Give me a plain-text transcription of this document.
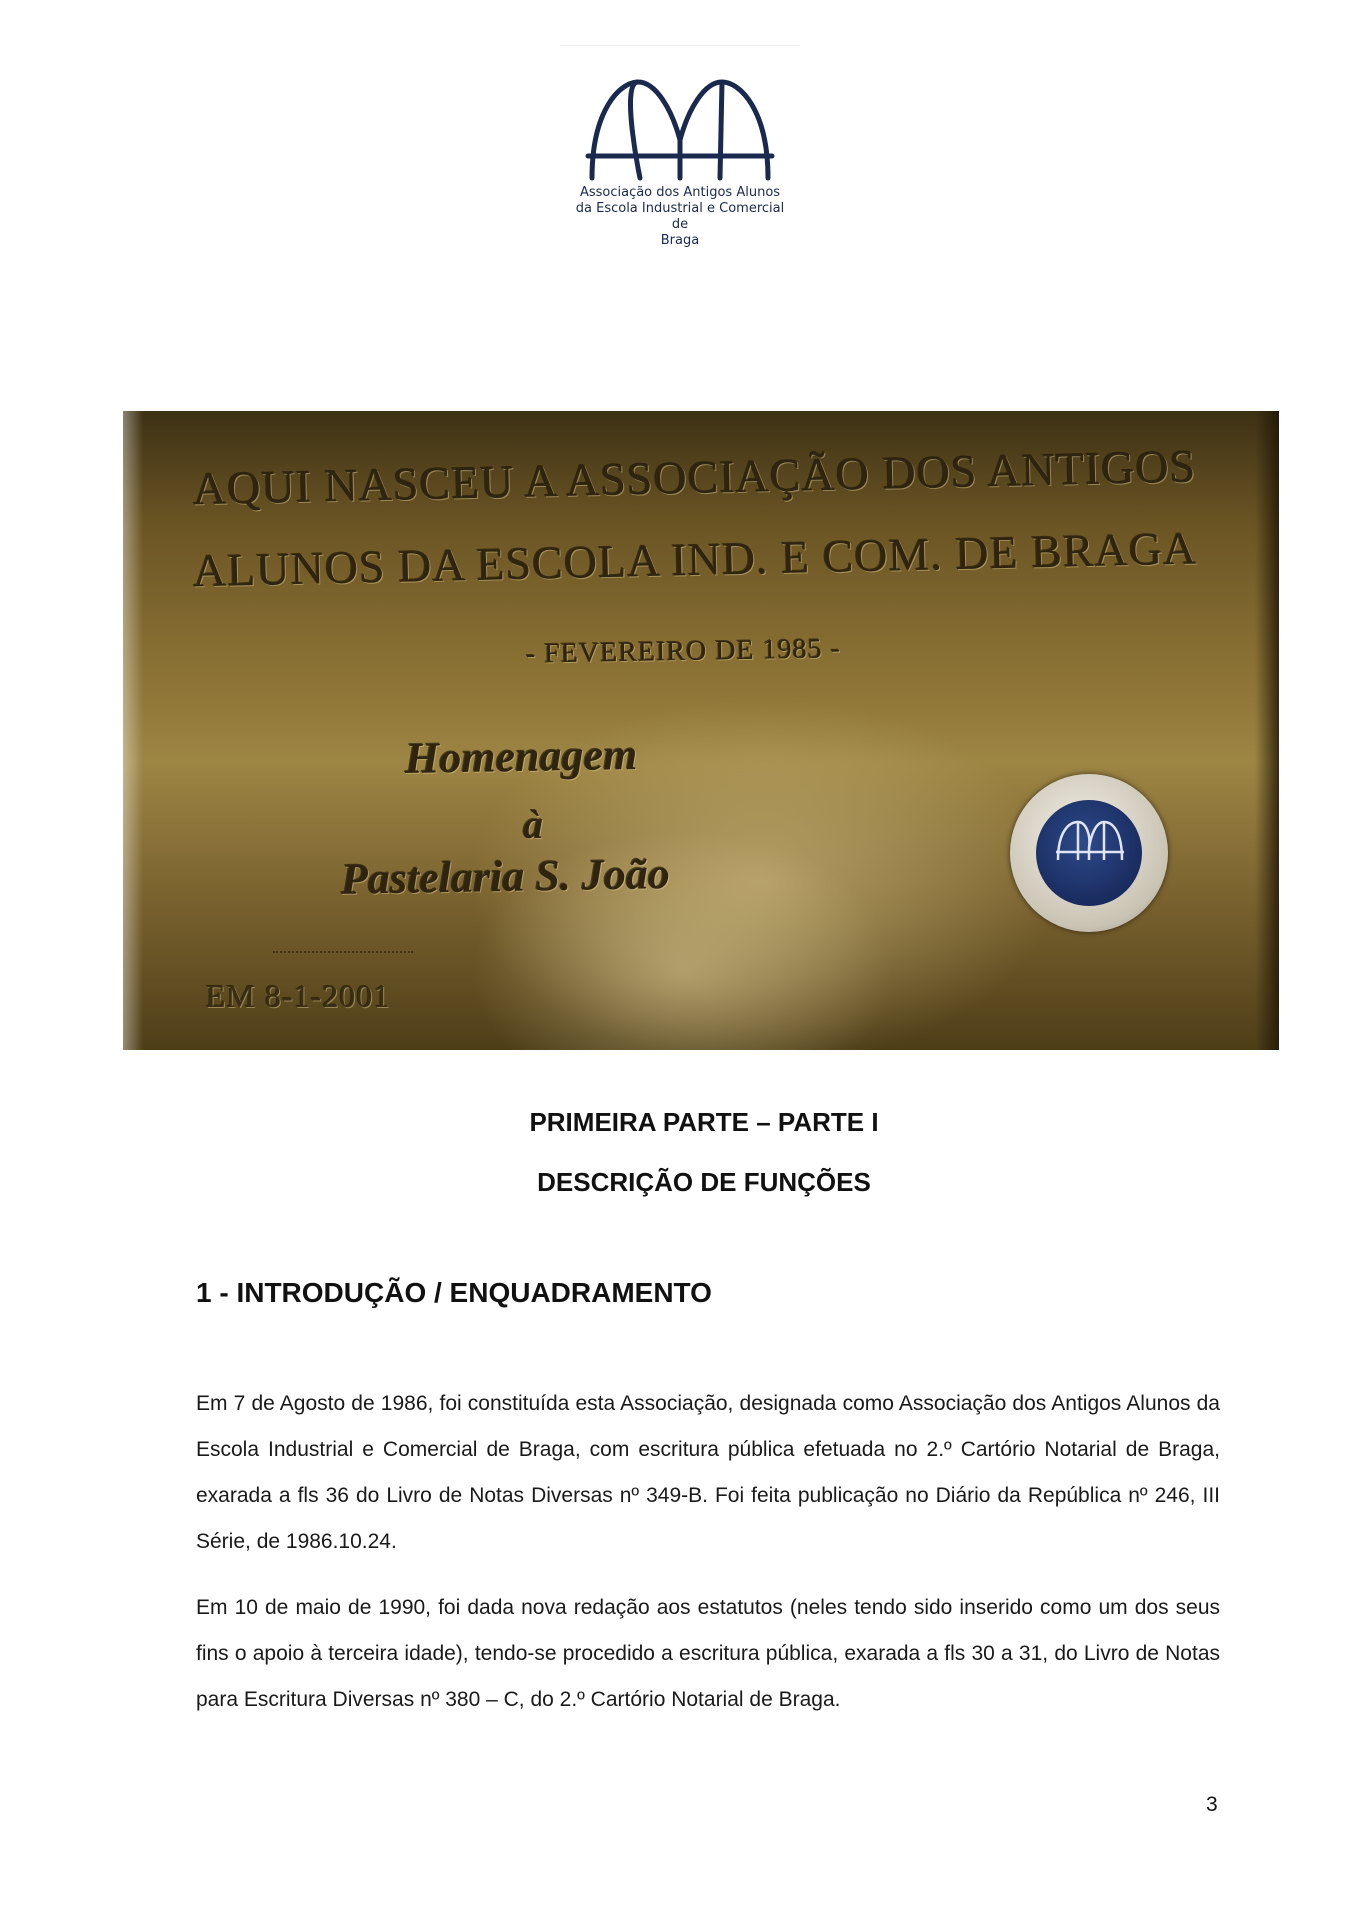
Associação dos Antigos Alunos
da Escola Industrial e Comercial
de
Braga
AQUI NASCEU A ASSOCIAÇÃO DOS ANTIGOS
ALUNOS DA ESCOLA IND. E COM. DE BRAGA
- FEVEREIRO DE 1985 -
Homenagem
à
Pastelaria S. João
EM 8-1-2001
PRIMEIRA PARTE – PARTE I
DESCRIÇÃO DE FUNÇÕES
1 - INTRODUÇÃO / ENQUADRAMENTO
Em 7 de Agosto de 1986, foi constituída esta Associação, designada como Associação dos Antigos Alunos da Escola Industrial e Comercial de Braga, com escritura pública efetuada no 2.º Cartório Notarial de Braga, exarada a fls 36 do Livro de Notas Diversas nº 349-B. Foi feita publicação no Diário da República nº 246, III Série, de 1986.10.24.
Em 10 de maio de 1990, foi dada nova redação aos estatutos (neles tendo sido inserido como um dos seus fins o apoio à terceira idade), tendo-se procedido a escritura pública, exarada a fls 30 a 31, do Livro de Notas para Escritura Diversas nº 380 – C, do 2.º Cartório Notarial de Braga.
3
